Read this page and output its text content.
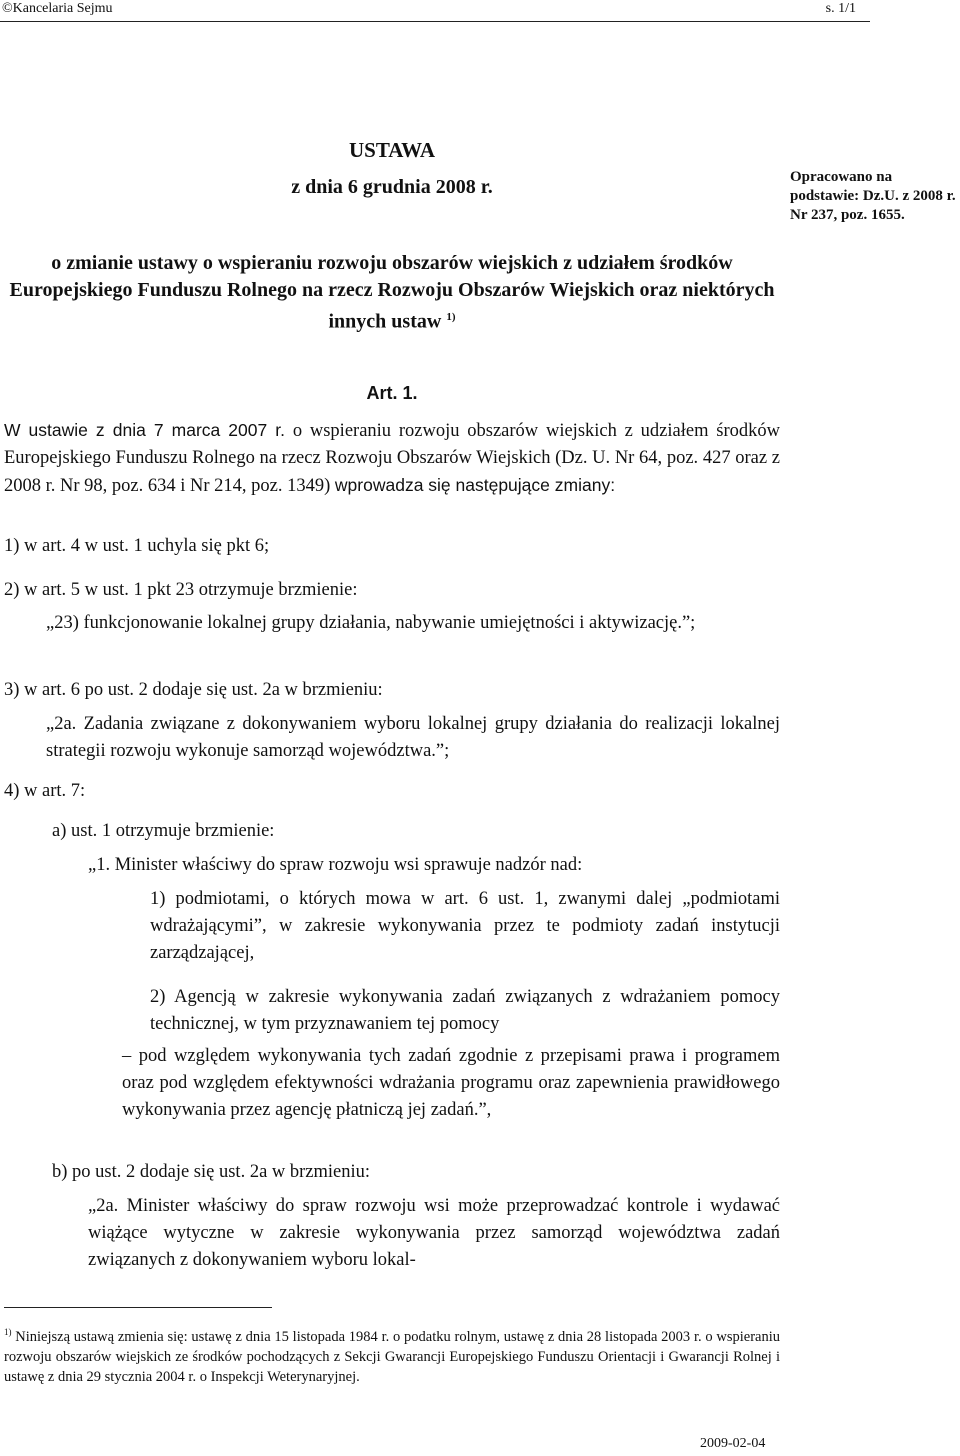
©Kancelaria Sejmu	s. 1/1
USTAWA
z dnia 6 grudnia 2008 r.	Opracowano na podstawie: Dz.U. z 2008 r. Nr 237, poz. 1655.
o zmianie ustawy o wspieraniu rozwoju obszarów wiejskich z udziałem środków Europejskiego Funduszu Rolnego na rzecz Rozwoju Obszarów Wiejskich oraz niektórych innych ustaw $^{1)}$
Art. 1.

W ustawie z dnia 7 marca 2007 r. o wspieraniu rozwoju obszarów wiejskich z udziałem środków Europejskiego Funduszu Rolnego na rzecz Rozwoju Obszarów Wiejskich (Dz. U. Nr 64, poz. 427 oraz z 2008 r. Nr 98, poz. 634 i Nr 214, poz. 1349) wprowadza się następujące zmiany:

1) w art. 4 w ust. 1 uchyla się pkt 6;

2) w art. 5 w ust. 1 pkt 23 otrzymuje brzmienie:

„23) funkcjonowanie lokalnej grupy działania, nabywanie umiejętności i aktywizację.”;

3) w art. 6 po ust. 2 dodaje się ust. 2a w brzmieniu:

„2a. Zadania związane z dokonywaniem wyboru lokalnej grupy działania do realizacji lokalnej strategii rozwoju wykonuje samorząd województwa.”;

4) w art. 7:

a) ust. 1 otrzymuje brzmienie:

„1. Minister właściwy do spraw rozwoju wsi sprawuje nadzór nad:

1) podmiotami, o których mowa w art. 6 ust. 1, zwanymi dalej „podmiotami wdrażającymi”, w zakresie wykonywania przez te podmioty zadań instytucji zarządzającej,

2) Agencją w zakresie wykonywania zadań związanych z wdrażaniem pomocy technicznej, w tym przyznawaniem tej pomocy

– pod względem wykonywania tych zadań zgodnie z przepisami prawa i programem oraz pod względem efektywności wdrażania programu oraz zapewnienia prawidłowego wykonywania przez agencję płatniczą jej zadań.”,

b) po ust. 2 dodaje się ust. 2a w brzmieniu:

„2a. Minister właściwy do spraw rozwoju wsi może przeprowadzać kontrole i wydawać wiążące wytyczne w zakresie wykonywania przez samorząd województwa zadań związanych z dokonywaniem wyboru lokal-

$^{1)}$ Niniejszą ustawą zmienia się: ustawę z dnia 15 listopada 1984 r. o podatku rolnym, ustawę z dnia 28 listopada 2003 r. o wspieraniu rozwoju obszarów wiejskich ze środków pochodzących z Sekcji Gwarancji Europejskiego Funduszu Orientacji i Gwarancji Rolnej i ustawę z dnia 29 stycznia 2004 r. o Inspekcji Weterynaryjnej.
2009-02-04
